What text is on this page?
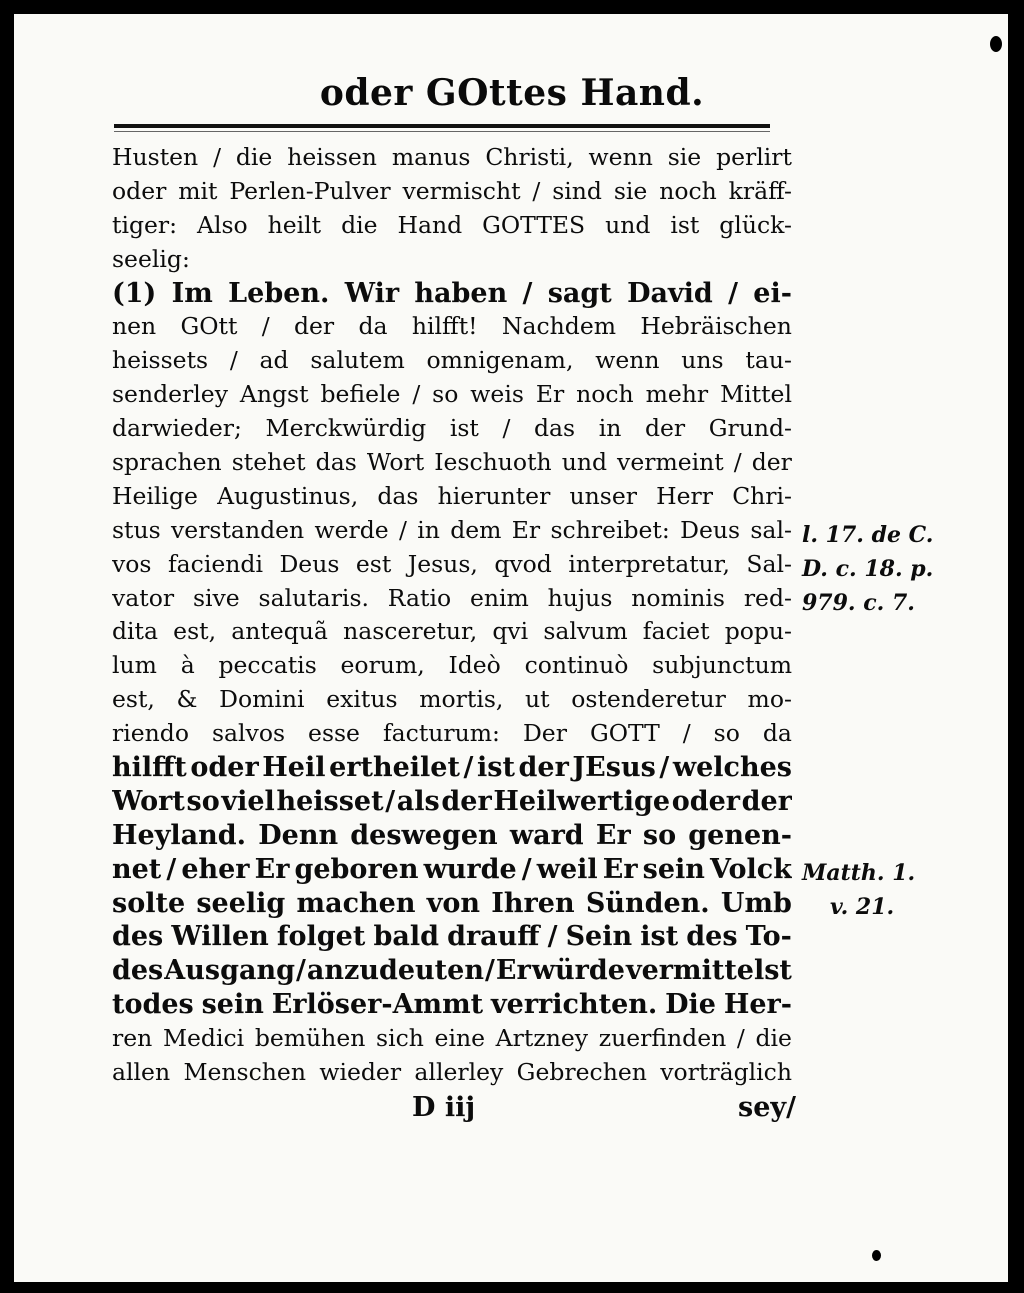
oder GOttes Hand.
Husten / die heissen manus Christi, wenn sie perlirt
oder mit Perlen-Pulver vermischt / sind sie noch kräff-
tiger: Also heilt die Hand GOTTES und ist glück-
seelig:
(1) Im Leben. Wir haben / sagt David / ei-
nen GOtt / der da hilfft! Nachdem Hebräischen
heissets / ad salutem omnigenam, wenn uns tau-
senderley Angst befiele / so weis Er noch mehr Mittel
darwieder; Merckwürdig ist / das in der Grund-
sprachen stehet das Wort Ieschuoth und vermeint / der
Heilige Augustinus, das hierunter unser Herr Chri-
stus verstanden werde / in dem Er schreibet: Deus sal-
vos faciendi Deus est Jesus, qvod interpretatur, Sal-
vator sive salutaris. Ratio enim hujus nominis red-
dita est, antequã nasceretur, qvi salvum faciet popu-
lum à peccatis eorum, Ideò continuò subjunctum
est, & Domini exitus mortis, ut ostenderetur mo-
riendo salvos esse facturum: Der GOTT / so da
hilfft oder Heil ertheilet / ist der JEsus / welches
Wort so viel heisset / als der Heilwertige oder der
Heyland. Denn deswegen ward Er so genen-
net / eher Er geboren wurde / weil Er sein Volck
solte seelig machen von Ihren Sünden. Umb
des Willen folget bald drauff / Sein ist des To-
des Ausgang / anzudeuten / Er würde vermittelst
todes sein Erlöser-Ammt verrichten. Die Her-
ren Medici bemühen sich eine Artzney zuerfinden / die
allen Menschen wieder allerley Gebrechen vorträglich
D iij	sey/
l. 17. de C.
D. c. 18. p.
979. c. 7.
Matth. 1.
v. 21.
